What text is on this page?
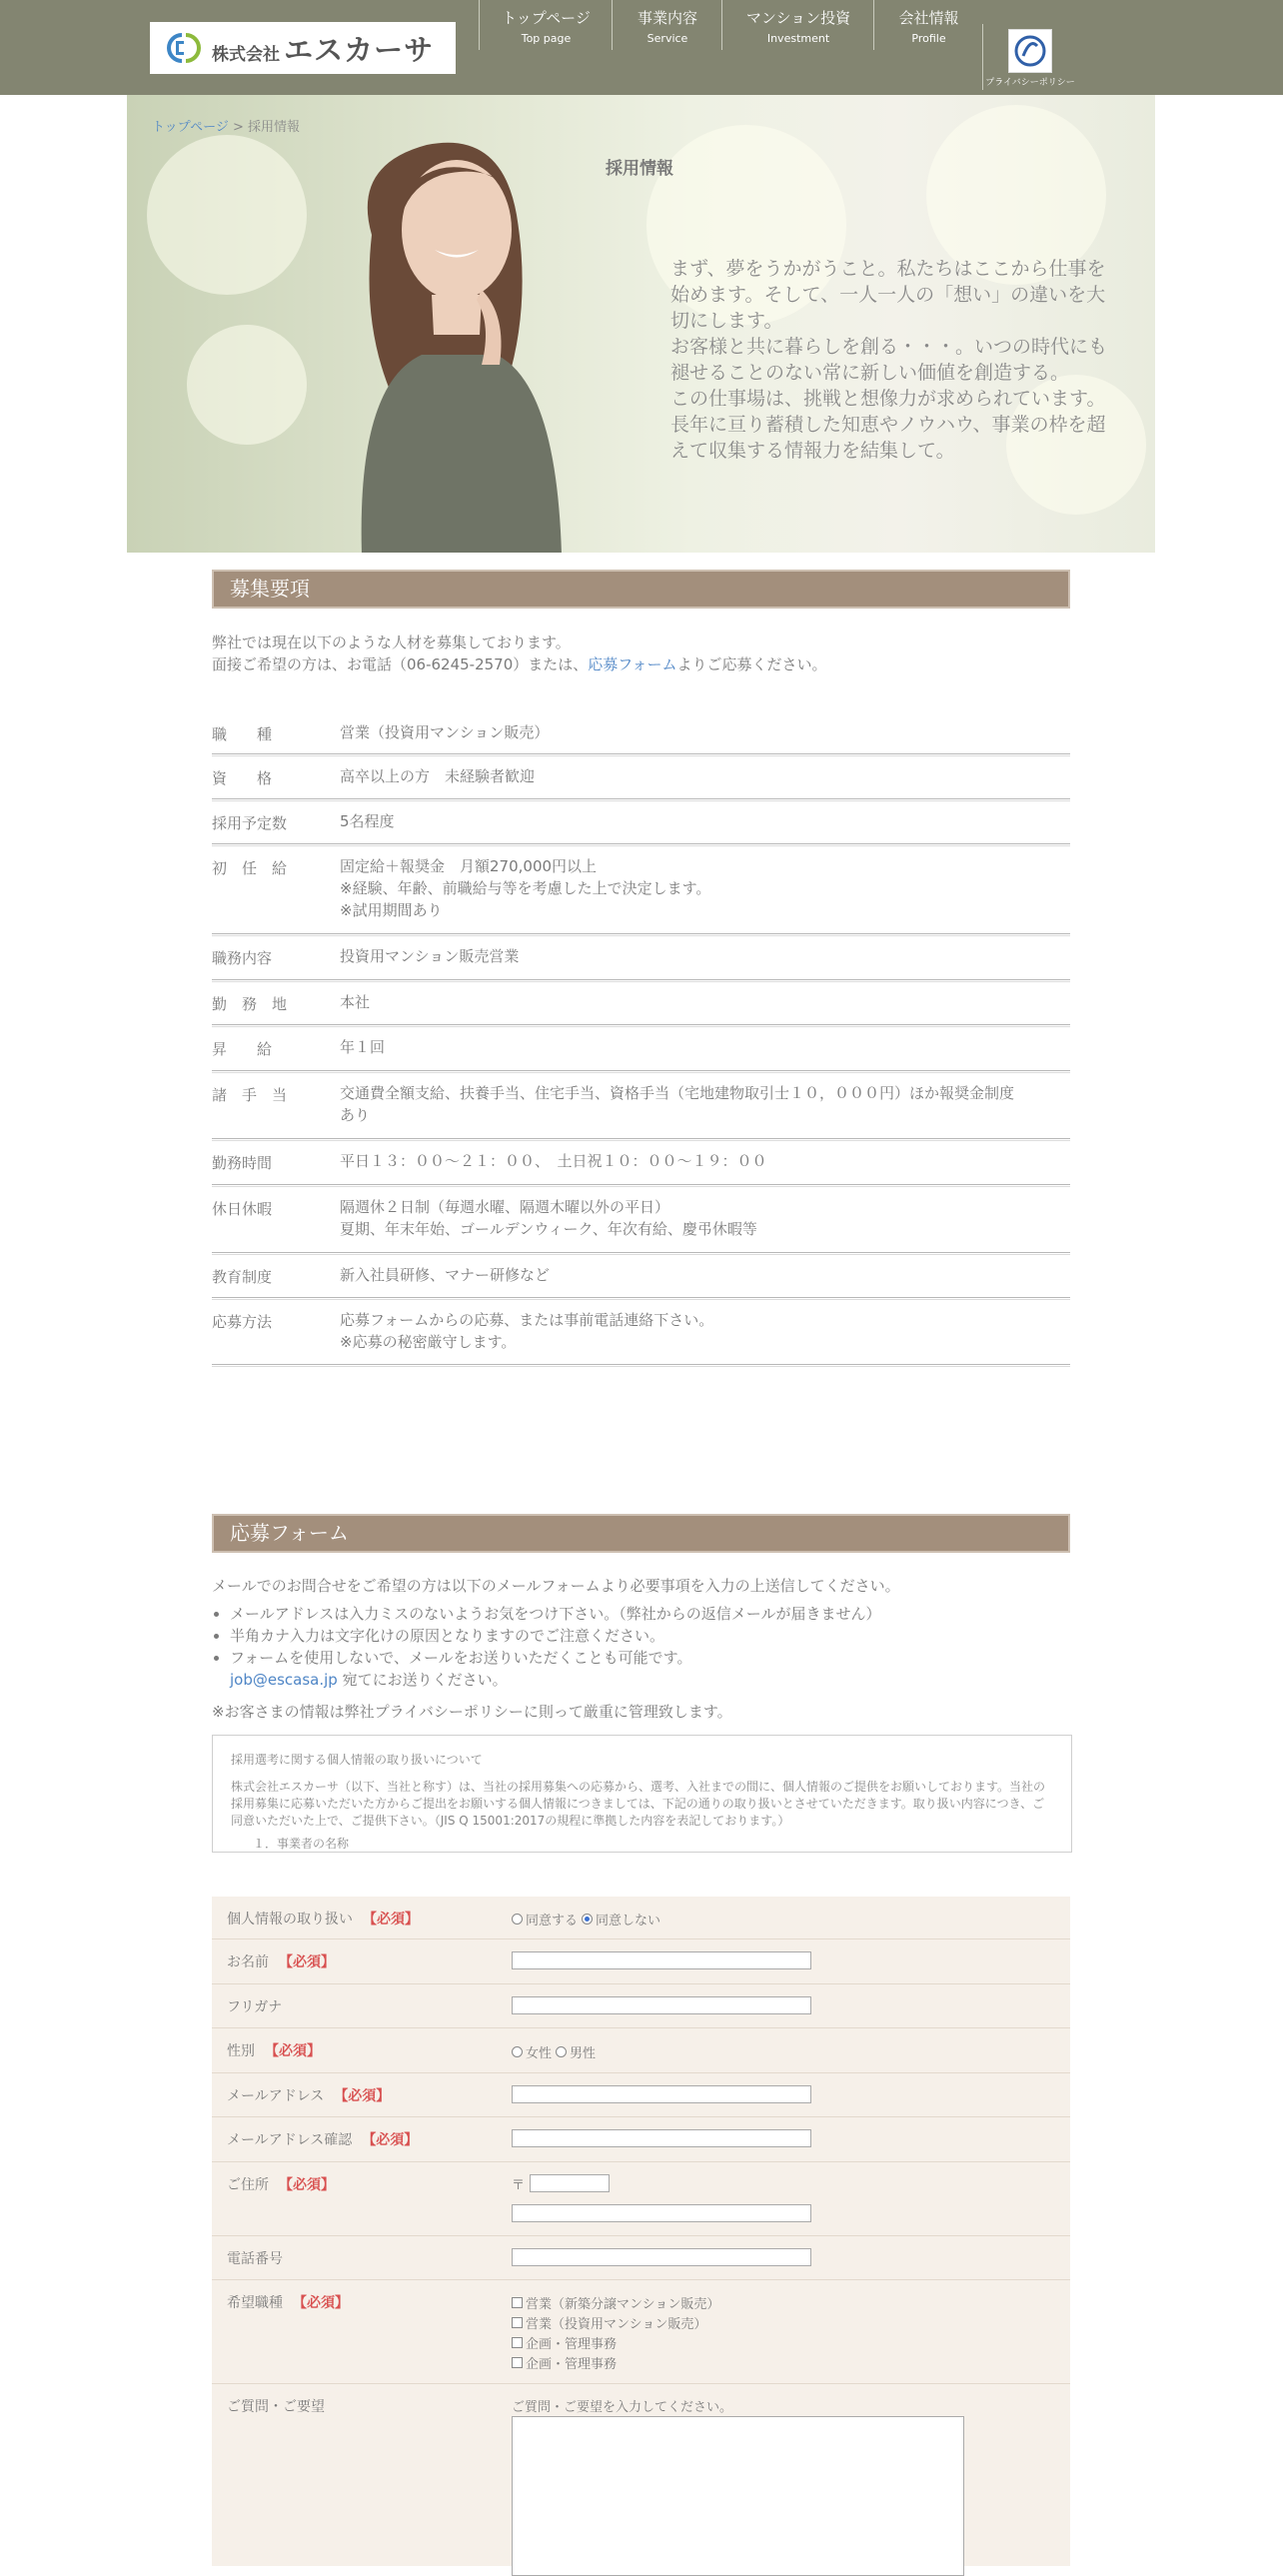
株式会社 エスカーサ
トップページ
Top page
事業内容
Service
マンション投資
Investment
会社情報
Profile
プライバシーポリシー
トップページ > 採用情報
採用情報
まず、夢をうかがうこと。私たちはここから仕事を
始めます。そして、一人一人の「想い」の違いを大
切にします。
お客様と共に暮らしを創る・・・。いつの時代にも
褪せることのない常に新しい価値を創造する。
この仕事場は、挑戦と想像力が求められています。
長年に亘り蓄積した知恵やノウハウ、事業の枠を超
えて収集する情報力を結集して。
募集要項
弊社では現在以下のような人材を募集しております。
面接ご希望の方は、お電話（06-6245-2570）または、応募フォームよりご応募ください。
職　　種	営業（投資用マンション販売）
資　　格	高卒以上の方　未経験者歓迎
採用予定数	5名程度
初　任　給	固定給＋報奨金　月額270,000円以上
※経験、年齢、前職給与等を考慮した上で決定します。
※試用期間あり
職務内容	投資用マンション販売営業
勤　務　地	本社
昇　　給	年１回
諸　手　当	交通費全額支給、扶養手当、住宅手当、資格手当（宅地建物取引士１０，０００円）ほか報奨金制度
あり
勤務時間	平日１３：００～２１：００、　土日祝１０：００～１９：００
休日休暇	隔週休２日制（毎週水曜、隔週木曜以外の平日）
夏期、年末年始、ゴールデンウィーク、年次有給、慶弔休暇等
教育制度	新入社員研修、マナー研修など
応募方法	応募フォームからの応募、または事前電話連絡下さい。
※応募の秘密厳守します。
応募フォーム
メールでのお問合せをご希望の方は以下のメールフォームより必要事項を入力の上送信してください。
• メールアドレスは入力ミスのないようお気をつけ下さい。（弊社からの返信メールが届きません）
• 半角カナ入力は文字化けの原因となりますのでご注意ください。
• フォームを使用しないで、メールをお送りいただくことも可能です。
job@escasa.jp 宛てにお送りください。
※お客さまの情報は弊社プライバシーポリシーに則って厳重に管理致します。
採用選考に関する個人情報の取り扱いについて
株式会社エスカーサ（以下、当社と称す）は、当社の採用募集への応募から、選考、入社までの間に、個人情報のご提供をお願いしております。当社の採用募集に応募いただいた方からご提出をお願いする個人情報につきましては、下記の通りの取り扱いとさせていただきます。取り扱い内容につき、ご同意いただいた上で、ご提供下さい。（JIS Q 15001:2017の規程に準拠した内容を表記しております。）
１．事業者の名称
個人情報の取り扱い 【必須】	同意する 同意しない
お名前 【必須】
フリガナ
性別 【必須】	女性 男性
メールアドレス 【必須】
メールアドレス確認 【必須】
ご住所 【必須】	〒
電話番号
希望職種 【必須】	営業（新築分譲マンション販売）
営業（投資用マンション販売）
企画・管理事務
企画・管理事務
ご質問・ご要望	ご質問・ご要望を入力してください。
